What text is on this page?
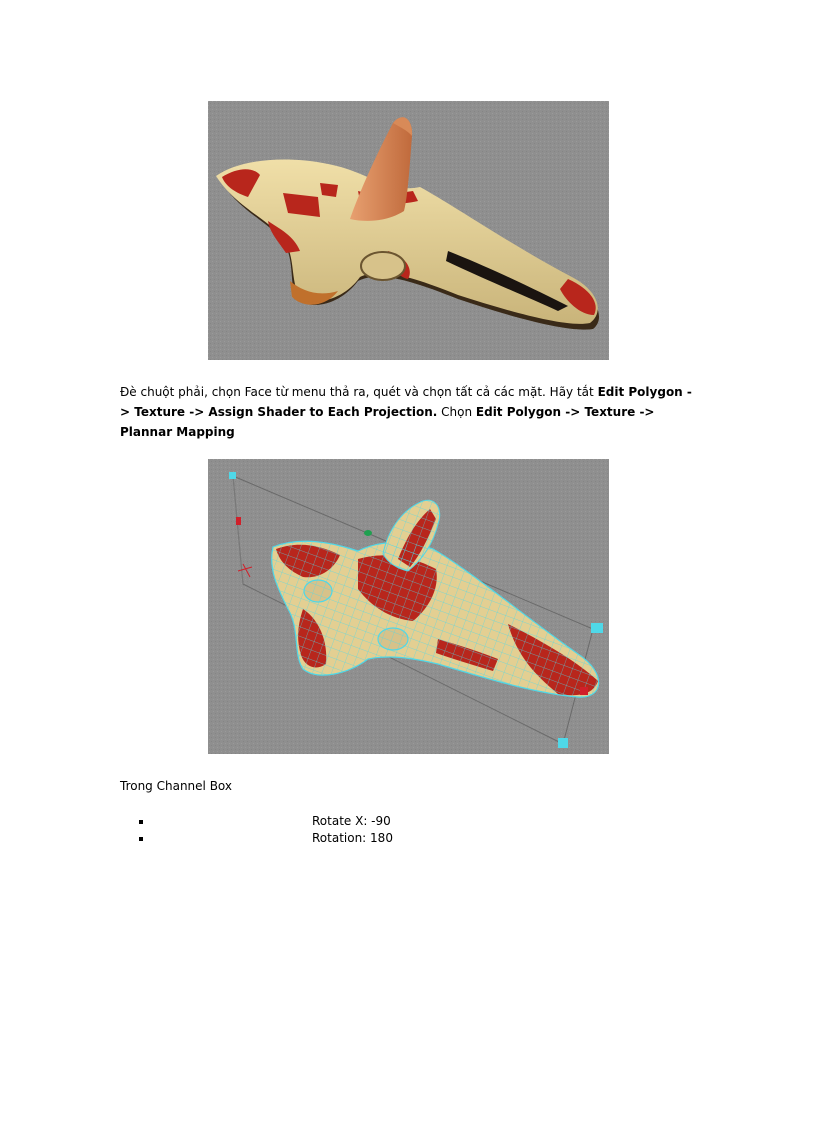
Đè chuột phải, chọn Face từ menu thả ra, quét và chọn tất cả các mặt. Hãy tắt Edit Polygon -> Texture -> Assign Shader to Each Projection. Chọn Edit Polygon -> Texture -> Plannar Mapping
Trong Channel Box
Rotate X: -90
Rotation: 180
